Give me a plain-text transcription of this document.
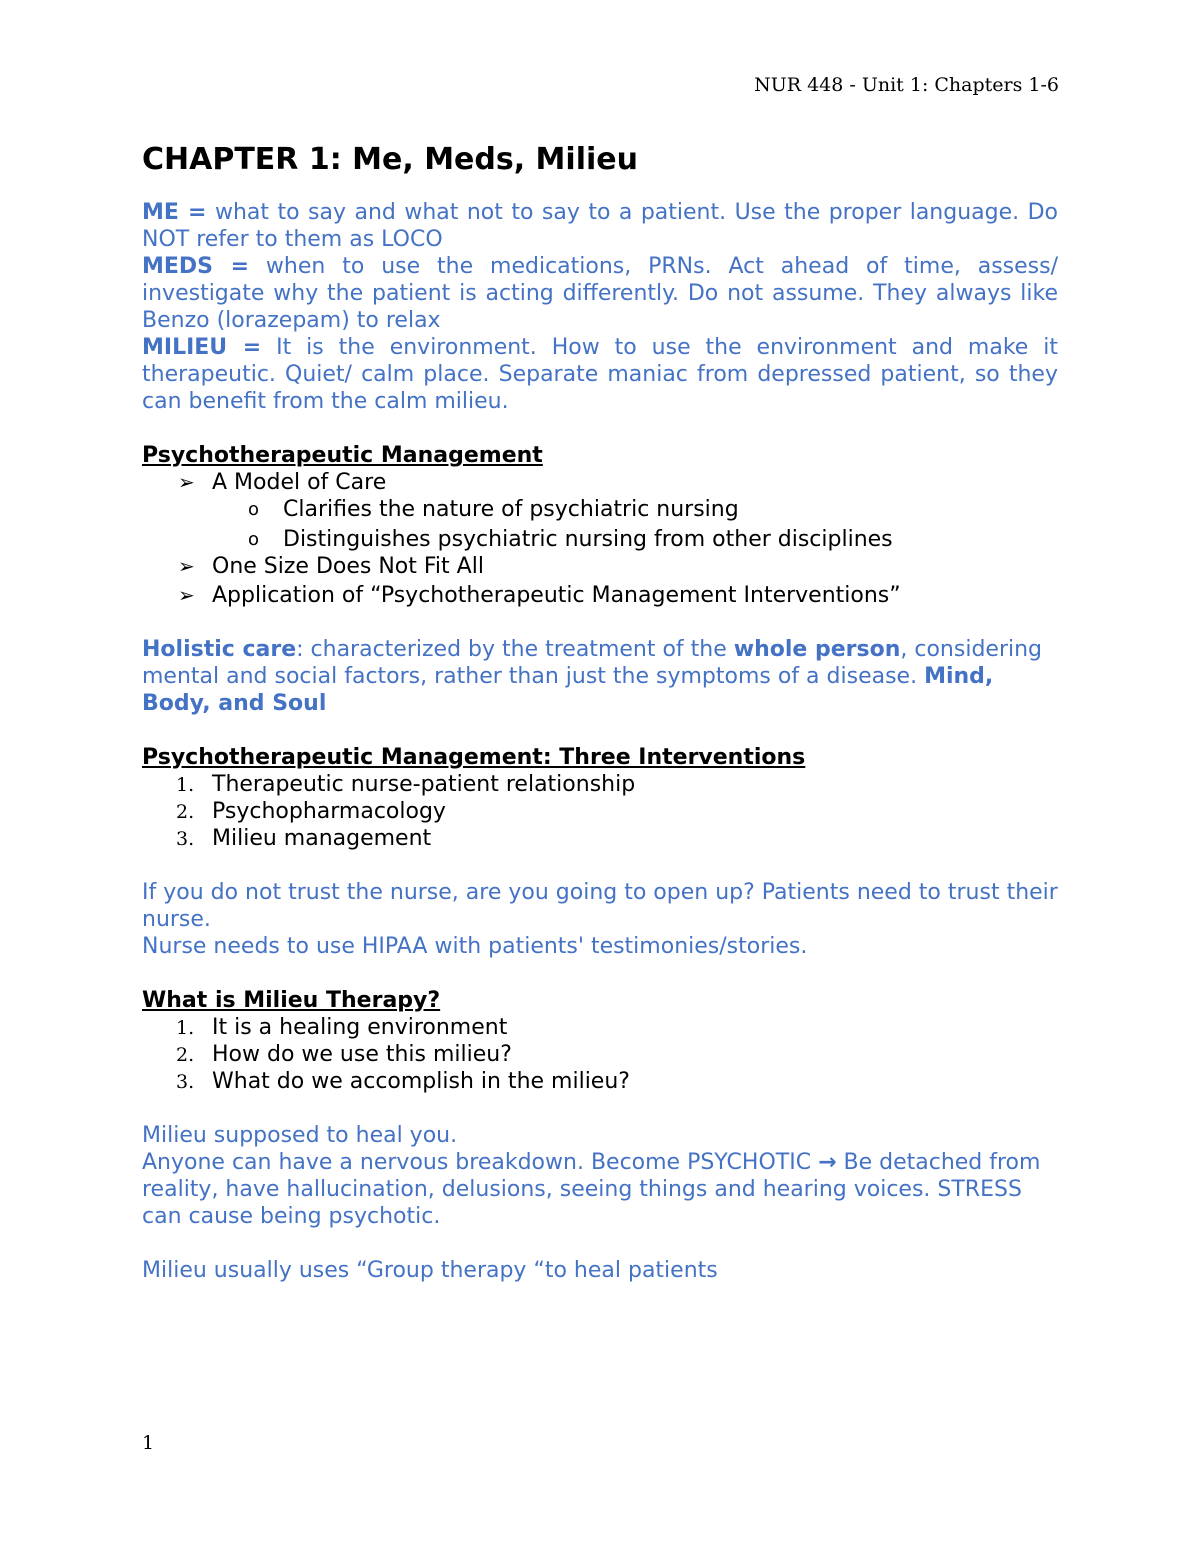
NUR 448 - Unit 1: Chapters 1-6
CHAPTER 1: Me, Meds, Milieu

ME = what to say and what not to say to a patient. Use the proper language. Do NOT refer to them as LOCO

MEDS = when to use the medications, PRNs. Act ahead of time, assess/ investigate why the patient is acting differently. Do not assume. They always like Benzo (lorazepam) to relax

MILIEU = It is the environment. How to use the environment and make it therapeutic. Quiet/ calm place. Separate maniac from depressed patient, so they can benefit from the calm milieu.

Psychotherapeutic Management

➢ A Model of Care
o Clarifies the nature of psychiatric nursing
o Distinguishes psychiatric nursing from other disciplines
➢ One Size Does Not Fit All
➢ Application of “Psychotherapeutic Management Interventions”

Holistic care: characterized by the treatment of the whole person, considering mental and social factors, rather than just the symptoms of a disease. Mind, Body, and Soul

Psychotherapeutic Management: Three Interventions

1. Therapeutic nurse-patient relationship
2. Psychopharmacology
3. Milieu management

If you do not trust the nurse, are you going to open up? Patients need to trust their nurse.

Nurse needs to use HIPAA with patients' testimonies/stories.

What is Milieu Therapy?

1. It is a healing environment
2. How do we use this milieu?
3. What do we accomplish in the milieu?

Milieu supposed to heal you.

Anyone can have a nervous breakdown. Become PSYCHOTIC → Be detached from reality, have hallucination, delusions, seeing things and hearing voices. STRESS can cause being psychotic.

Milieu usually uses “Group therapy “to heal patients

1
